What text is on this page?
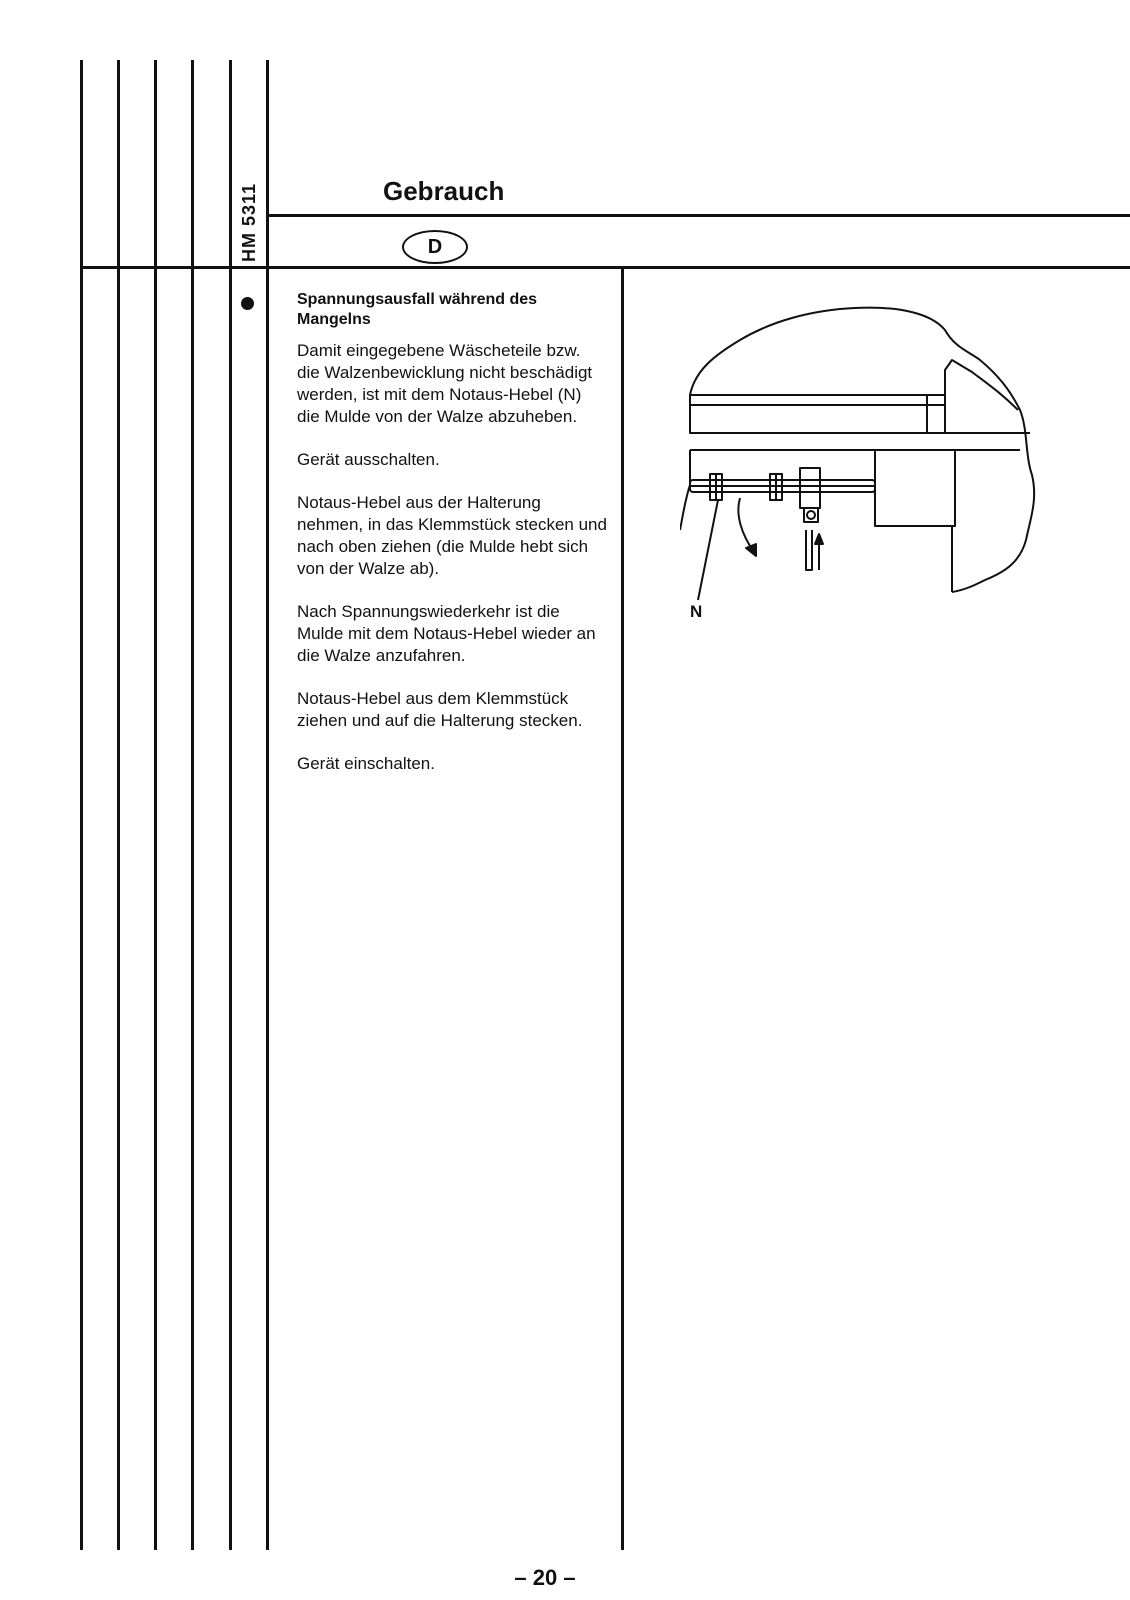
HM 5311	Gebrauch
D
Spannungsausfall während des Mangelns

Damit eingegebene Wäscheteile bzw. die Walzenbewicklung nicht beschädigt werden, ist mit dem Notaus-Hebel (N) die Mulde von der Walze abzuheben.

Gerät ausschalten.

Notaus-Hebel aus der Halterung nehmen, in das Klemmstück stecken und nach oben ziehen (die Mulde hebt sich von der Walze ab).

Nach Spannungswiederkehr ist die Mulde mit dem Notaus-Hebel wieder an die Walze anzufahren.

Notaus-Hebel aus dem Klemmstück ziehen und auf die Halterung stecken.

Gerät einschalten.

N
– 20 –
